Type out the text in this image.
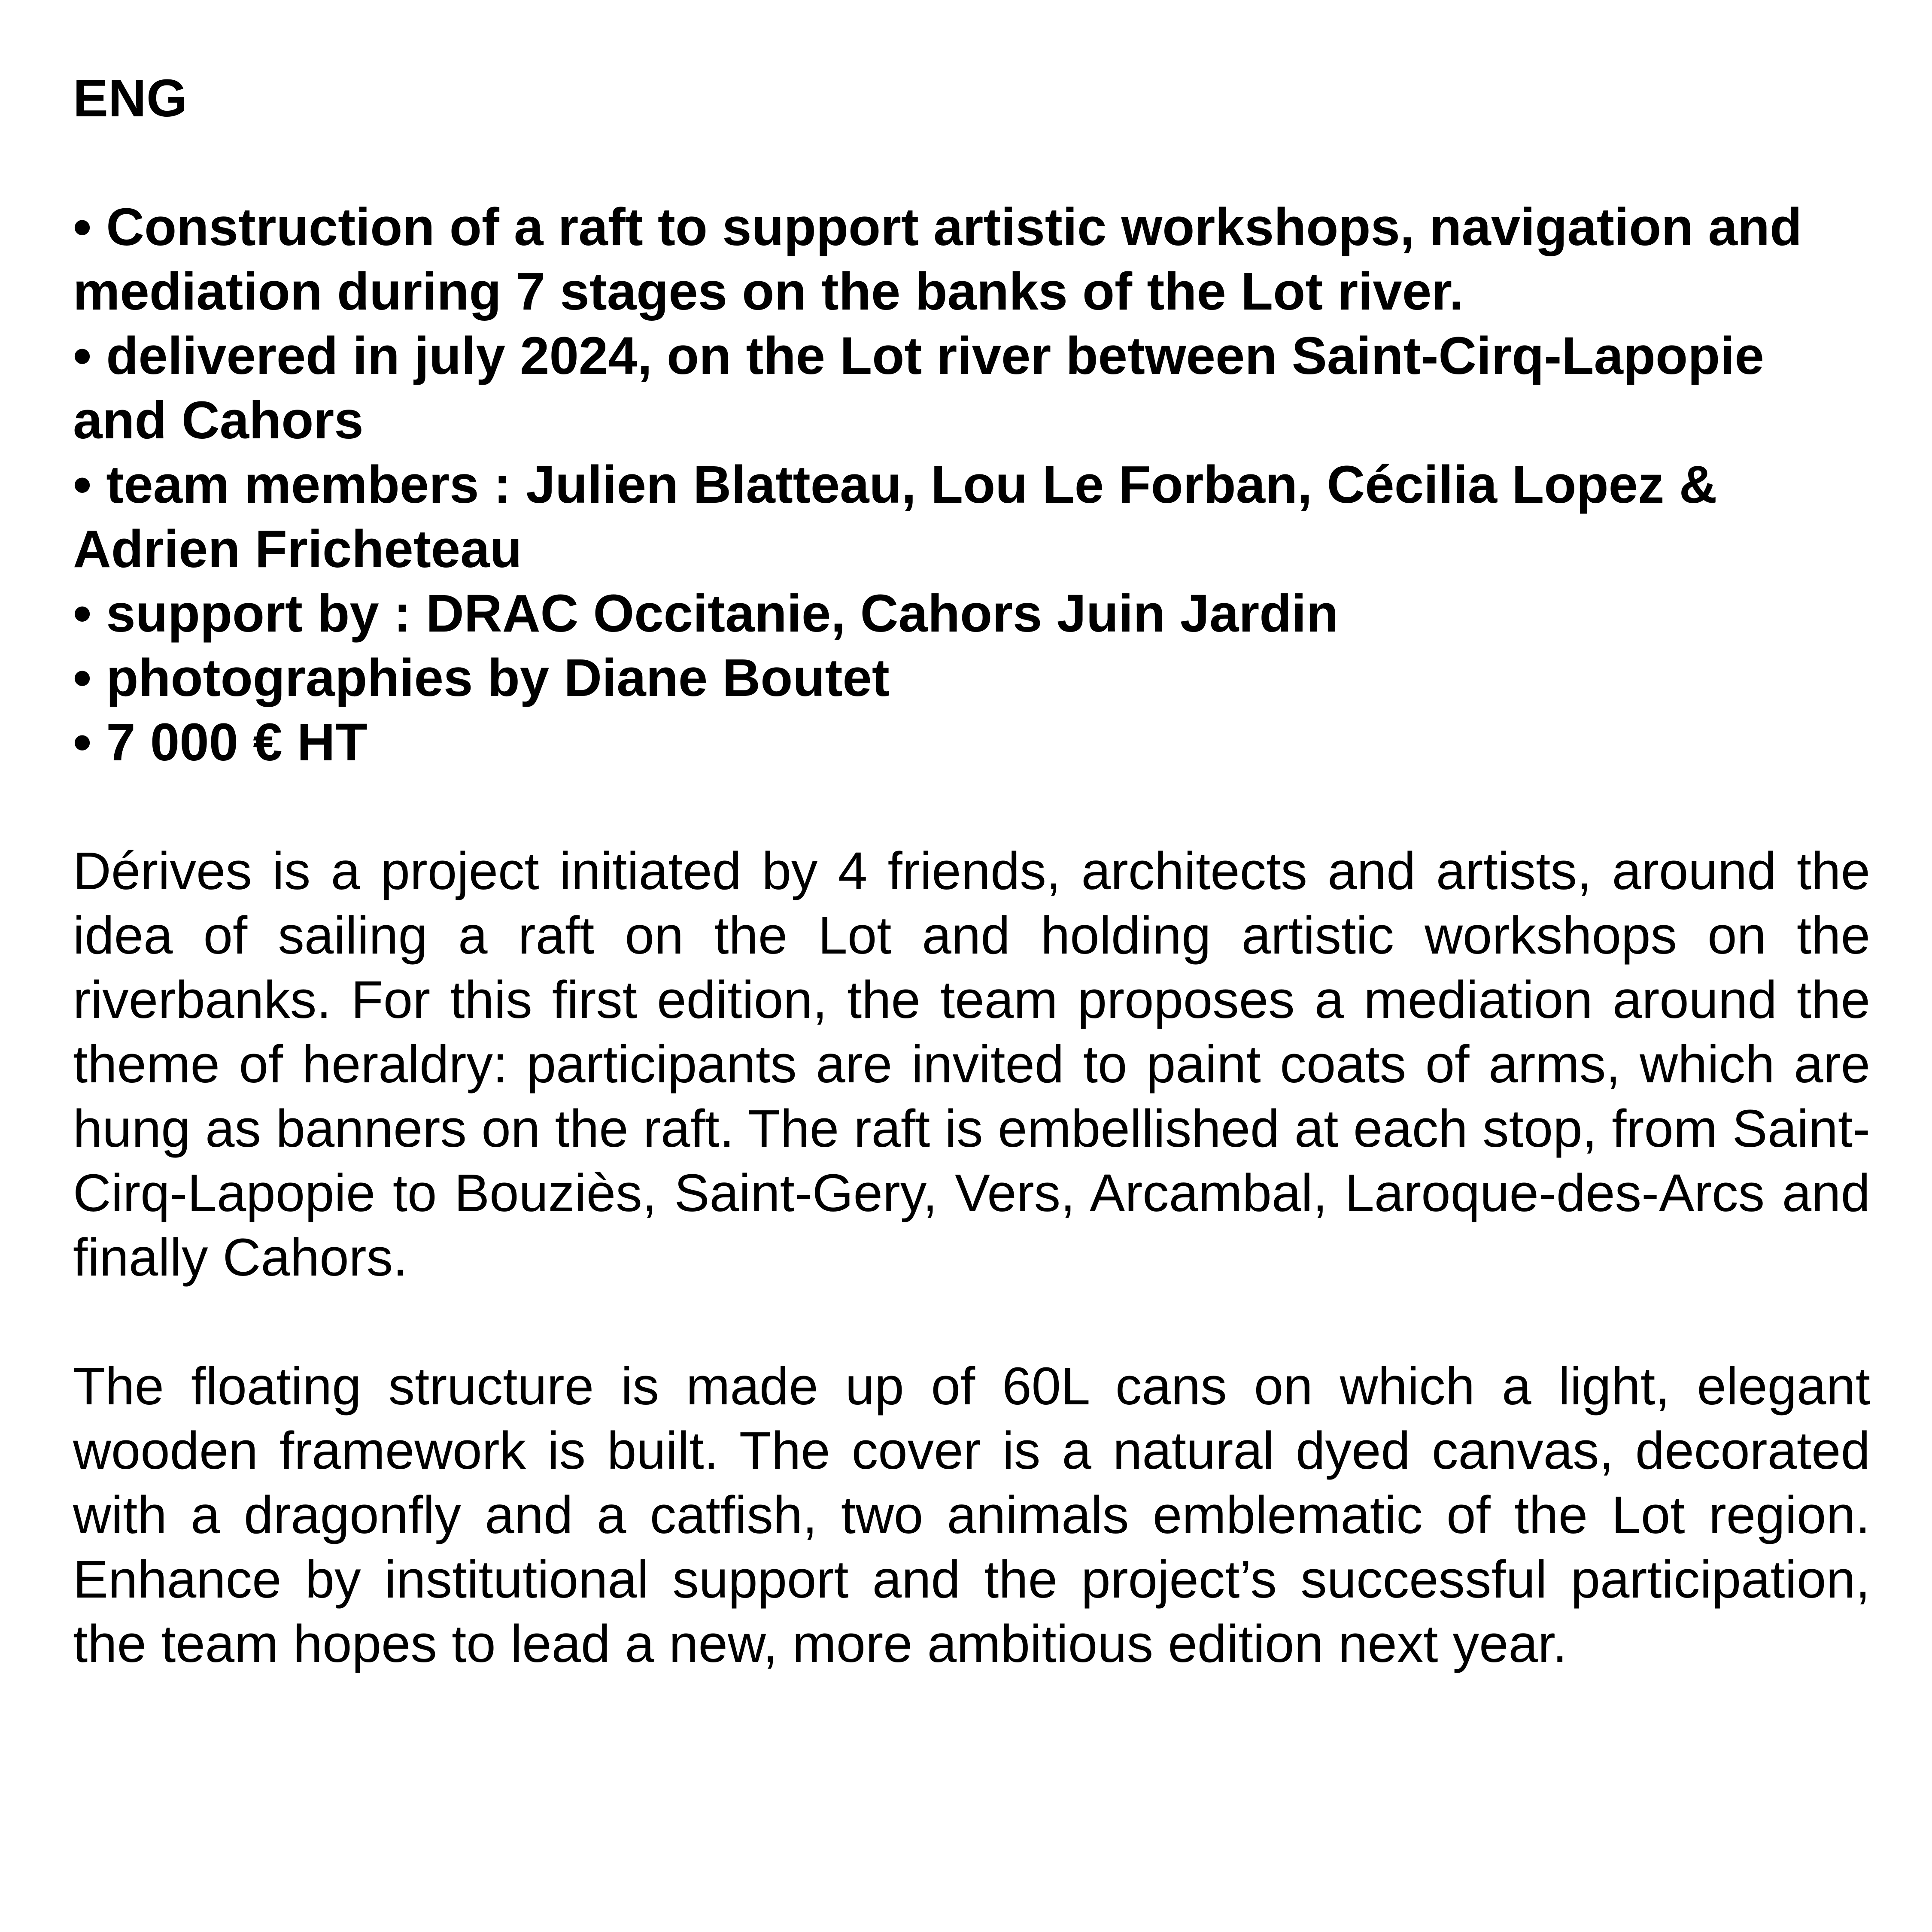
ENG
• Construction of a raft to support artistic workshops, navigation and mediation during 7 stages on the banks of the Lot river.
• delivered in july 2024, on the Lot river between Saint-Cirq-Lapopie and Cahors
• team members : Julien Blatteau, Lou Le Forban, Cécilia Lopez & Adrien Fricheteau
• support by : DRAC Occitanie, Cahors Juin Jardin
• photographies by Diane Boutet
• 7 000 € HT

Dérives is a project initiated by 4 friends, architects and artists, around the idea of sailing a raft on the Lot and holding artistic workshops on the riverbanks. For this first edition, the team proposes a mediation around the theme of heraldry: participants are invited to paint coats of arms, which are hung as banners on the raft. The raft is embellished at each stop, from Saint-Cirq-Lapopie to Bouziès, Saint-Gery, Vers, Arcambal, Laroque-des-Arcs and finally Cahors.

The floating structure is made up of 60L cans on which a light, elegant wooden framework is built. The cover is a natural dyed canvas, decorated with a dragonfly and a catfish, two animals emblematic of the Lot region. Enhance by institutional support and the project’s successful participation, the team hopes to lead a new, more ambitious edition next year.
